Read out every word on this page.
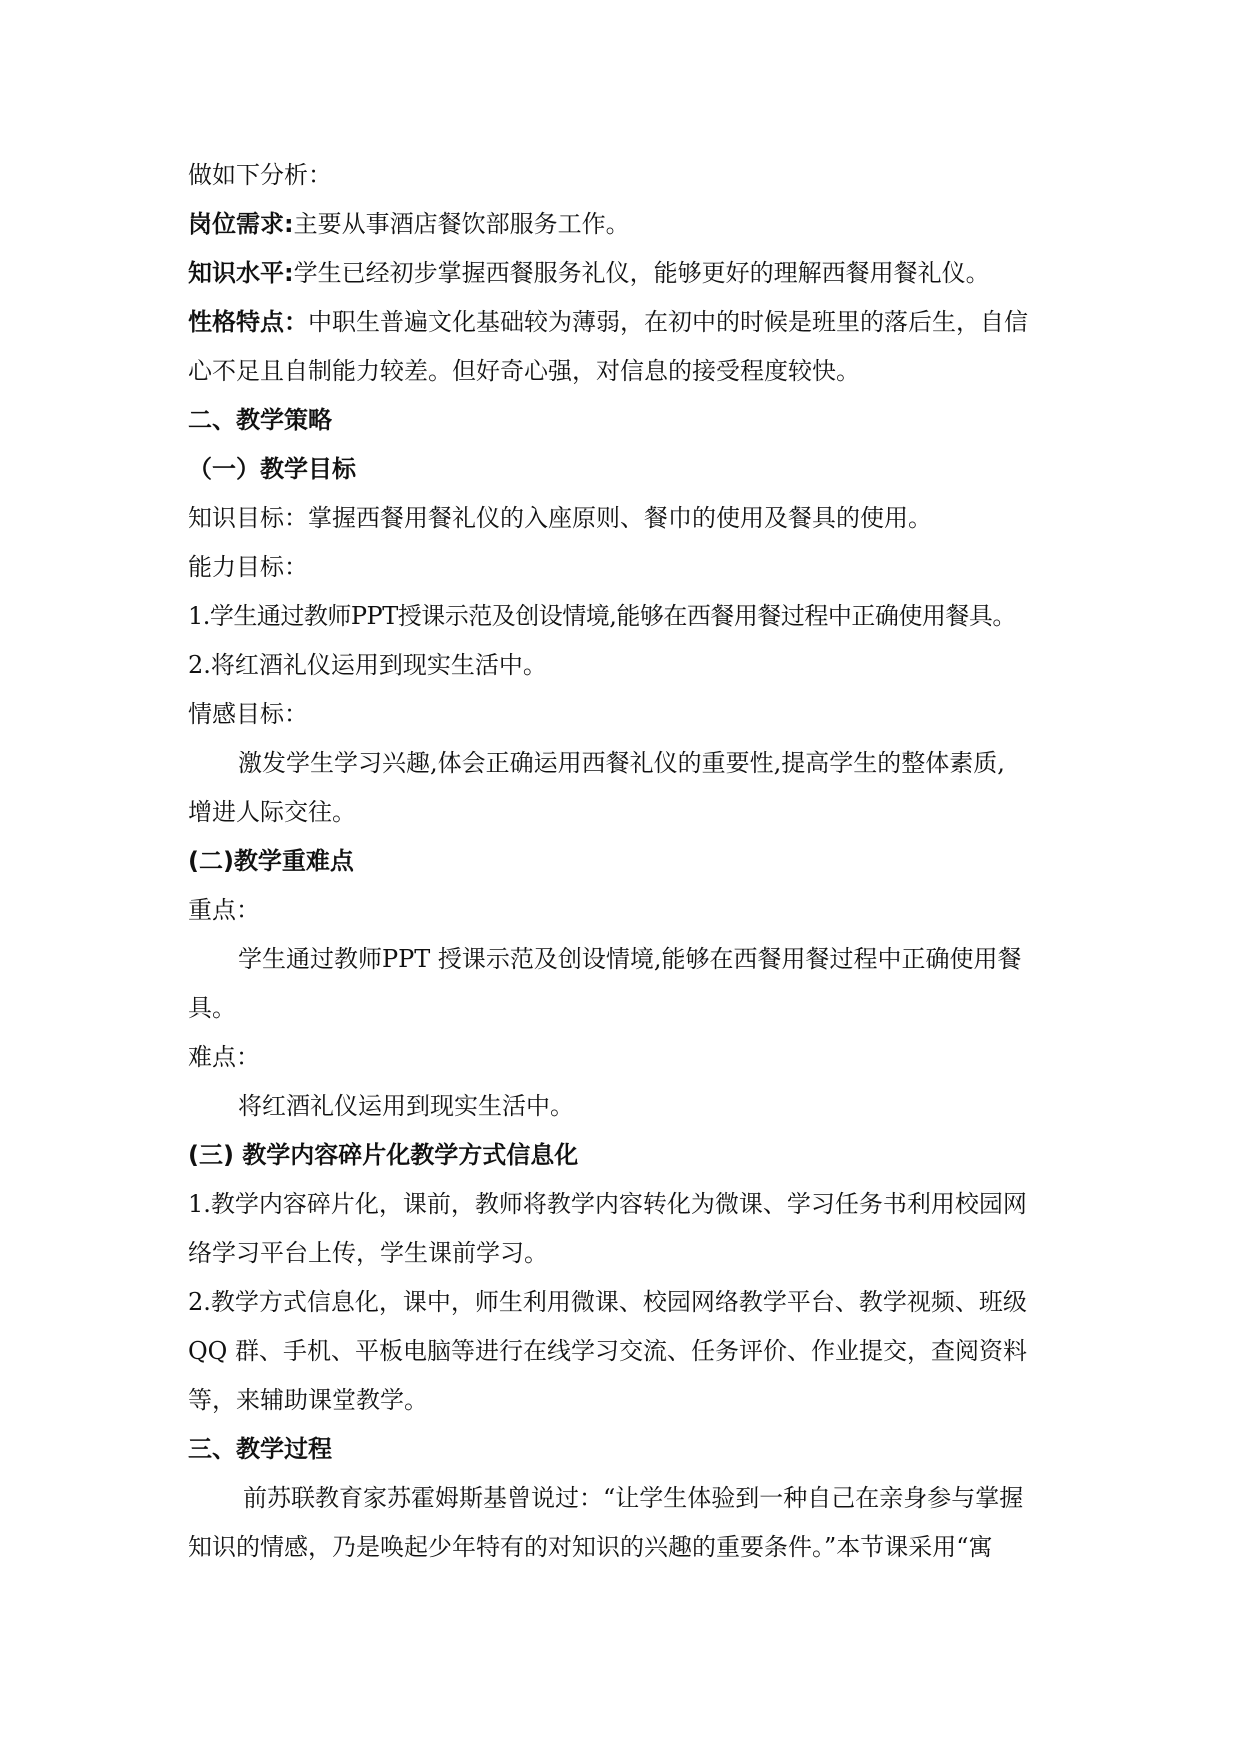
做如下分析：
岗位需求:主要从事酒店餐饮部服务工作。
知识水平:学生已经初步掌握西餐服务礼仪，能够更好的理解西餐用餐礼仪。
性格特点：中职生普遍文化基础较为薄弱，在初中的时候是班里的落后生，自信
心不足且自制能力较差。但好奇心强，对信息的接受程度较快。
二、教学策略
（一）教学目标
知识目标：掌握西餐用餐礼仪的入座原则、餐巾的使用及餐具的使用。
能力目标：
1.学生通过教师PPT授课示范及创设情境,能够在西餐用餐过程中正确使用餐具。
2.将红酒礼仪运用到现实生活中。
情感目标：
激发学生学习兴趣,体会正确运用西餐礼仪的重要性,提高学生的整体素质,
增进人际交往。
(二)教学重难点
重点：
学生通过教师PPT 授课示范及创设情境,能够在西餐用餐过程中正确使用餐
具。
难点：
将红酒礼仪运用到现实生活中。
(三) 教学内容碎片化教学方式信息化
1.教学内容碎片化，课前，教师将教学内容转化为微课、学习任务书利用校园网
络学习平台上传，学生课前学习。
2.教学方式信息化，课中，师生利用微课、校园网络教学平台、教学视频、班级
QQ 群、手机、平板电脑等进行在线学习交流、任务评价、作业提交，查阅资料
等，来辅助课堂教学。
三、教学过程
前苏联教育家苏霍姆斯基曾说过：“让学生体验到一种自己在亲身参与掌握
知识的情感，乃是唤起少年特有的对知识的兴趣的重要条件。”本节课采用“寓
